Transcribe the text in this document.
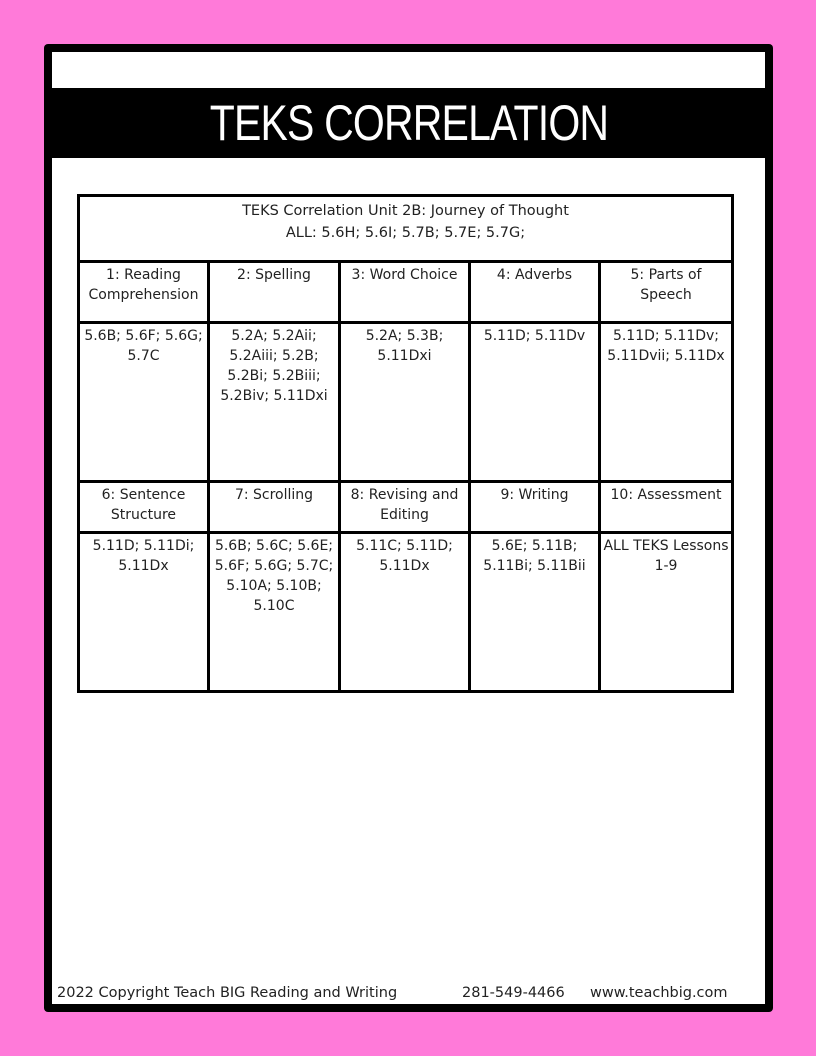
TEKS CORRELATION
TEKS Correlation Unit 2B: Journey of Thought
ALL: 5.6H; 5.6I; 5.7B; 5.7E; 5.7G;				

1: Reading Comprehension	2: Spelling	3: Word Choice	4: Adverbs	5: Parts of Speech
5.6B; 5.6F; 5.6G; 5.7C	5.2A; 5.2Aii; 5.2Aiii; 5.2B; 5.2Bi; 5.2Biii; 5.2Biv; 5.11Dxi	5.2A; 5.3B; 5.11Dxi	5.11D; 5.11Dv	5.11D; 5.11Dv; 5.11Dvii; 5.11Dx
6: Sentence Structure	7: Scrolling	8: Revising and Editing	9: Writing	10: Assessment
5.11D; 5.11Di; 5.11Dx	5.6B; 5.6C; 5.6E; 5.6F; 5.6G; 5.7C; 5.10A; 5.10B; 5.10C	5.11C; 5.11D; 5.11Dx	5.6E; 5.11B; 5.11Bi; 5.11Bii	ALL TEKS Lessons 1-9
2022 Copyright Teach BIG Reading and Writing	281-549-4466 www.teachbig.com
